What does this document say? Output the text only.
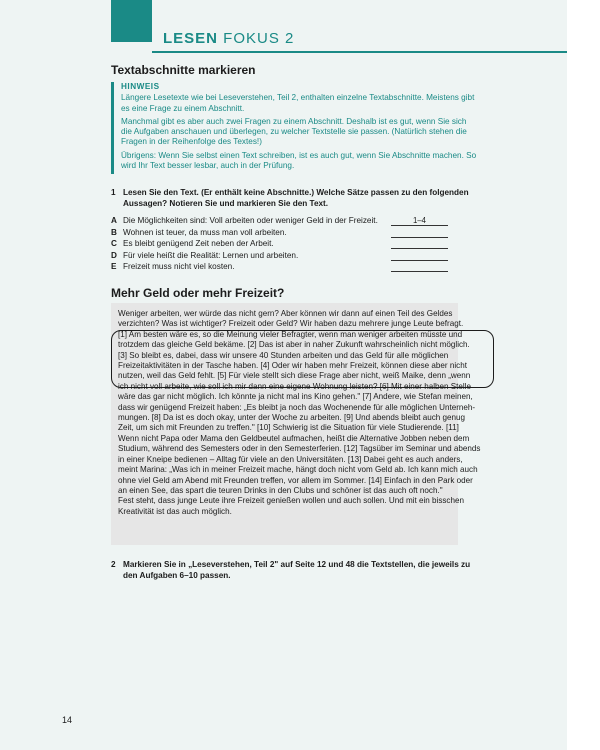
LESEN FOKUS 2
Textabschnitte markieren
HINWEIS

Längere Lesetexte wie bei Leseverstehen, Teil 2, enthalten einzelne Textabschnitte. Meistens gibt es eine Frage zu einem Abschnitt.

Manchmal gibt es aber auch zwei Fragen zu einem Abschnitt. Deshalb ist es gut, wenn Sie sich die Aufgaben anschauen und überlegen, zu welcher Textstelle sie passen. (Natürlich stehen die Fragen in der Reihenfolge des Textes!)

Übrigens: Wenn Sie selbst einen Text schreiben, ist es auch gut, wenn Sie Abschnitte machen. So wird Ihr Text besser lesbar, auch in der Prüfung.

1 Lesen Sie den Text. (Er enthält keine Abschnitte.) Welche Sätze passen zu den folgenden Aussagen? Notieren Sie und markieren Sie den Text.
A Die Möglichkeiten sind: Voll arbeiten oder weniger Geld in der Freizeit.	1–4
B Wohnen ist teuer, da muss man voll arbeiten.
C Es bleibt genügend Zeit neben der Arbeit.
D Für viele heißt die Realität: Lernen und arbeiten.
E Freizeit muss nicht viel kosten.
Mehr Geld oder mehr Freizeit?
Weniger arbeiten, wer würde das nicht gern? Aber können wir dann auf einen Teil des Geldes
verzichten? Was ist wichtiger? Freizeit oder Geld? Wir haben dazu mehrere junge Leute befragt.
[1] Am besten wäre es, so die Meinung vieler Befragter, wenn man weniger arbeiten müsste und
trotzdem das gleiche Geld bekäme. [2] Das ist aber in naher Zukunft wahrscheinlich nicht möglich.
[3] So bleibt es, dabei, dass wir unsere 40 Stunden arbeiten und das Geld für alle möglichen
Freizeitaktivitäten in der Tasche haben. [4] Oder wir haben mehr Freizeit, können diese aber nicht
nutzen, weil das Geld fehlt. [5] Für viele stellt sich diese Frage aber nicht, weiß Maike, denn „wenn
ich nicht voll arbeite, wie soll ich mir dann eine eigene Wohnung leisten? [6] Mit einer halben Stelle
wäre das gar nicht möglich. Ich könnte ja nicht mal ins Kino gehen." [7] Andere, wie Stefan meinen,
dass wir genügend Freizeit haben: „Es bleibt ja noch das Wochenende für alle möglichen Unterneh-
mungen. [8] Da ist es doch okay, unter der Woche zu arbeiten. [9] Und abends bleibt auch genug
Zeit, um sich mit Freunden zu treffen." [10] Schwierig ist die Situation für viele Studierende. [11]
Wenn nicht Papa oder Mama den Geldbeutel aufmachen, heißt die Alternative Jobben neben dem
Studium, während des Semesters oder in den Semesterferien. [12] Tagsüber im Seminar und abends
in einer Kneipe bedienen – Alltag für viele an den Universitäten. [13] Dabei geht es auch anders,
meint Marina: „Was ich in meiner Freizeit mache, hängt doch nicht vom Geld ab. Ich kann mich auch
ohne viel Geld am Abend mit Freunden treffen, vor allem im Sommer. [14] Einfach in den Park oder
an einen See, das spart die teuren Drinks in den Clubs und schöner ist das auch oft noch."
Fest steht, dass junge Leute ihre Freizeit genießen wollen und auch sollen. Und mit ein bisschen
Kreativität ist das auch möglich.
2 Markieren Sie in „Leseverstehen, Teil 2" auf Seite 12 und 48 die Textstellen, die jeweils zu den Aufgaben 6–10 passen.
14
